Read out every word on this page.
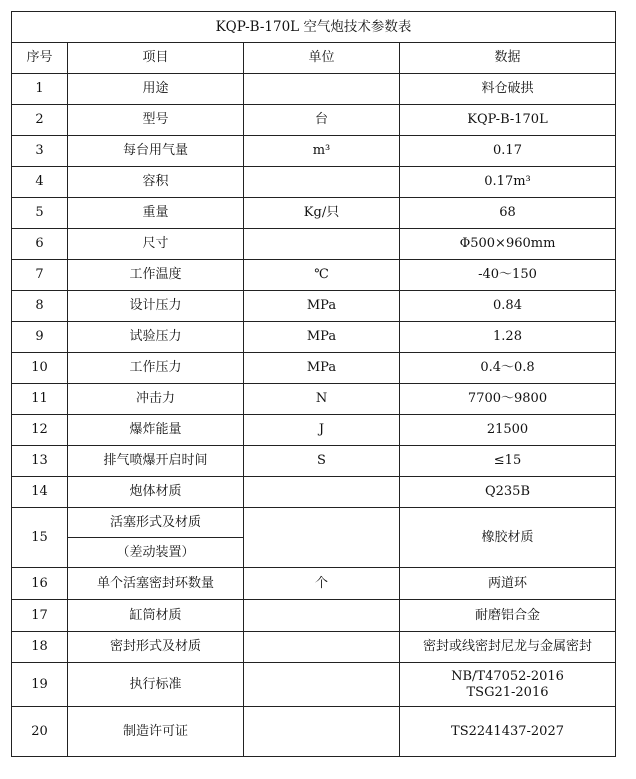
KQP-B-170L 空气炮技术参数表			
序号	项目	单位	数据
1	用途		料仓破拱
2	型号	台	KQP-B-170L
3	每台用气量	m³	0.17
4	容积		0.17m³
5	重量	Kg/只	68
6	尺寸		Φ500×960mm
7	工作温度	℃	-40～150
8	设计压力	MPa	0.84
9	试验压力	MPa	1.28
10	工作压力	MPa	0.4～0.8
11	冲击力	N	7700～9800
12	爆炸能量	J	21500
13	排气喷爆开启时间	S	≤15
14	炮体材质		Q235B
15	活塞形式及材质		橡胶材质
	（差动装置）		
16	单个活塞密封环数量	个	两道环
17	缸筒材质		耐磨铝合金
18	密封形式及材质		密封或线密封尼龙与金属密封
19	执行标准		NB/T47052-2016
TSG21-2016

20	制造许可证		TS2241437-2027
